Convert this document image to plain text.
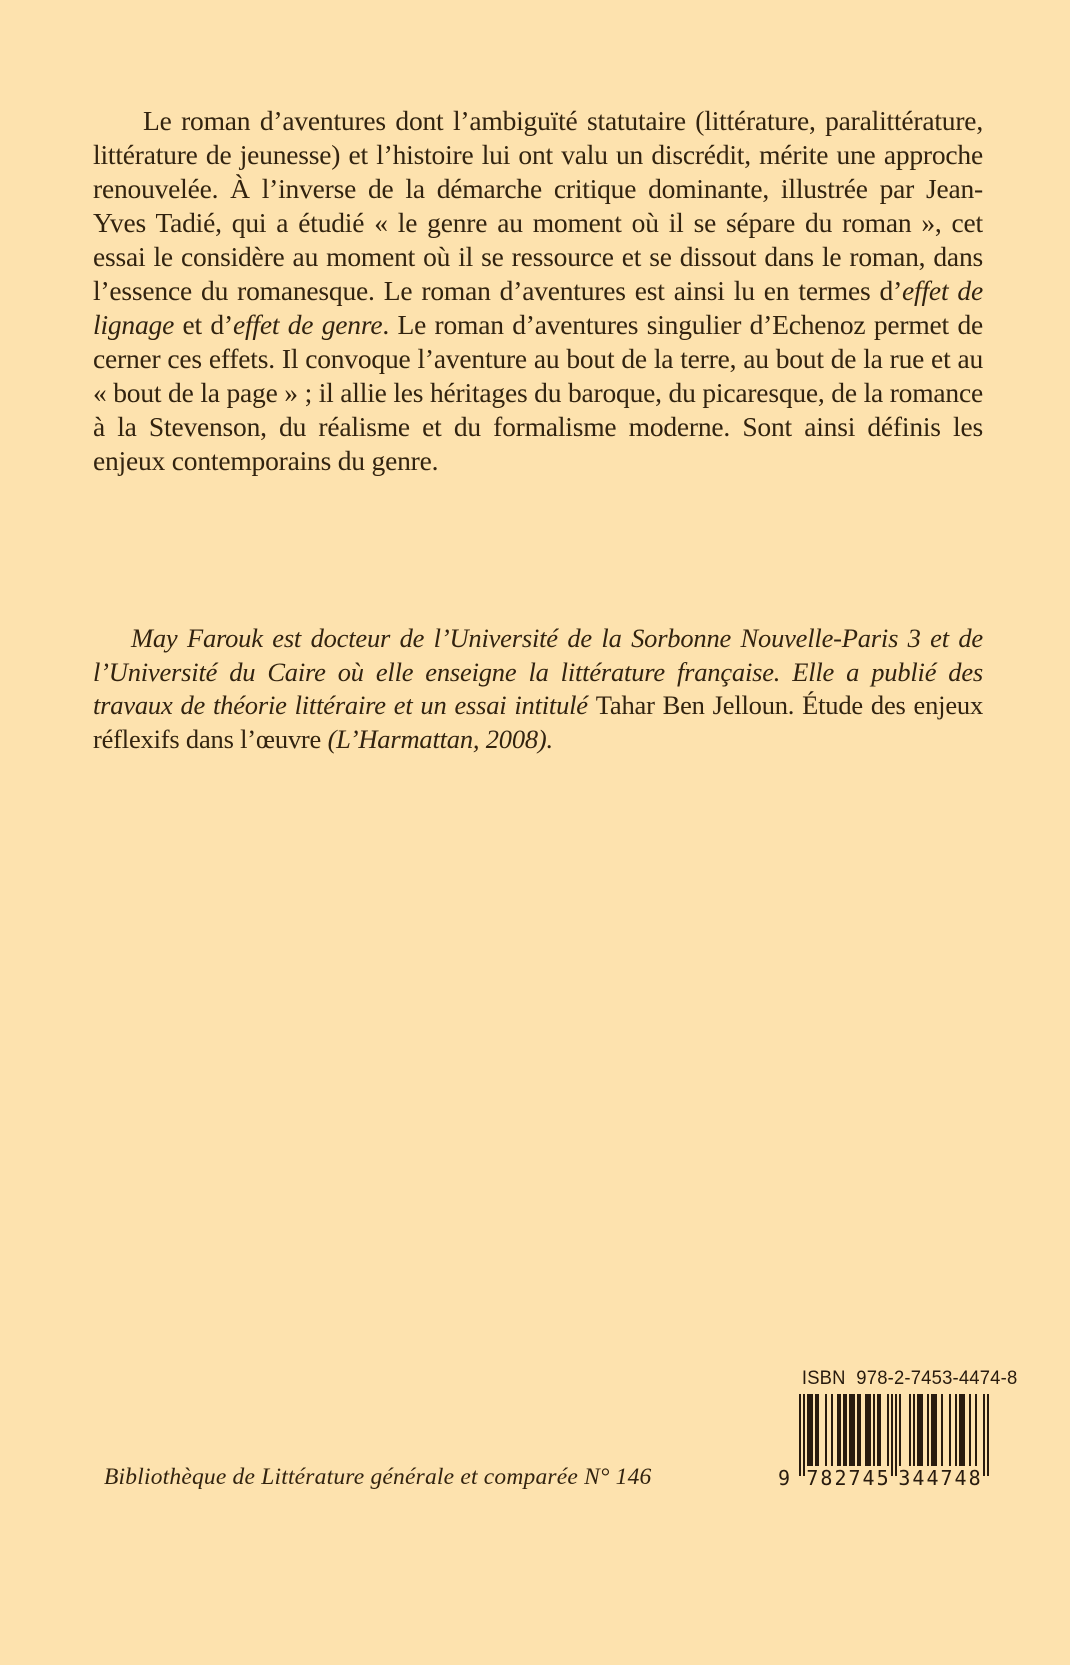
Le roman d’aventures dont l’ambiguïté statutaire (littérature, paralittérature, littérature de jeunesse) et l’histoire lui ont valu un discrédit, mérite une approche renouvelée. À l’inverse de la démarche critique dominante, illustrée par Jean-Yves Tadié, qui a étudié « le genre au moment où il se sépare du roman », cet essai le considère au moment où il se ressource et se dissout dans le roman, dans l’essence du romanesque. Le roman d’aventures est ainsi lu en termes d’effet de lignage et d’effet de genre. Le roman d’aventures singulier d’Echenoz permet de cerner ces effets. Il convoque l’aventure au bout de la terre, au bout de la rue et au « bout de la page » ; il allie les héritages du baroque, du picaresque, de la romance à la Stevenson, du réalisme et du formalisme moderne. Sont ainsi définis les enjeux contemporains du genre.

May Farouk est docteur de l’Université de la Sorbonne Nouvelle-Paris 3 et de l’Université du Caire où elle enseigne la littérature française. Elle a publié des travaux de théorie littéraire et un essai intitulé Tahar Ben Jelloun. Étude des enjeux réflexifs dans l’œuvre (L’Harmattan, 2008).

Bibliothèque de Littérature générale et comparée N° 146
ISBN  978-2-7453-4474-8
9 782745 344748
